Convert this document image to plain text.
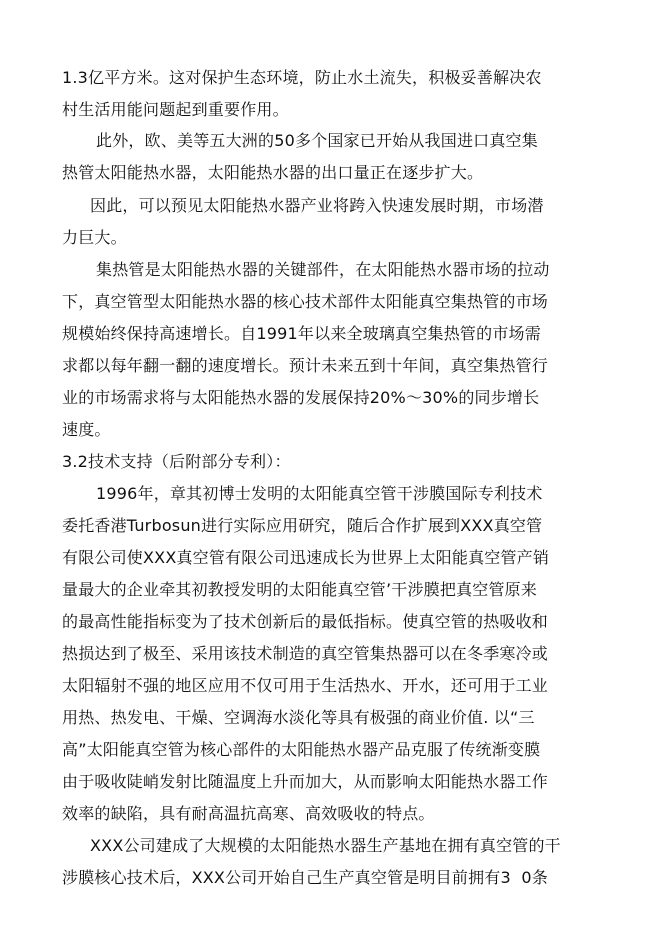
1.3亿平方米。这对保护生态环境，防止水土流失，积极妥善解决农
村生活用能问题起到重要作用。
此外，欧、美等五大洲的50多个国家已开始从我国进口真空集
热管太阳能热水器，太阳能热水器的出口量正在逐步扩大。
因此，可以预见太阳能热水器产业将跨入快速发展时期，市场潜
力巨大。
集热管是太阳能热水器的关键部件，在太阳能热水器市场的拉动
下，真空管型太阳能热水器的核心技术部件太阳能真空集热管的市场
规模始终保持高速增长。自1991年以来全玻璃真空集热管的市场需
求都以每年翻一翻的速度增长。预计未来五到十年间，真空集热管行
业的市场需求将与太阳能热水器的发展保持20%～30%的同步增长
速度。
3.2技术支持（后附部分专利）：
1996年，章其初博士发明的太阳能真空管干涉膜国际专利技术
委托香港Turbosun进行实际应用研究，随后合作扩展到XXX真空管
有限公司使XXX真空管有限公司迅速成长为世界上太阳能真空管产销
量最大的企业牵其初教授发明的太阳能真空管’干涉膜把真空管原来
的最高性能指标变为了技术创新后的最低指标。使真空管的热吸收和
热损达到了极至、采用该技术制造的真空管集热器可以在冬季寒冷或
太阳辐射不强的地区应用不仅可用于生活热水、开水，还可用于工业
用热、热发电、干燥、空调海水淡化等具有极强的商业价值. 以“三
高”太阳能真空管为核心部件的太阳能热水器产品克服了传统渐变膜
由于吸收陡峭发射比随温度上升而加大，从而影响太阳能热水器工作
效率的缺陷，具有耐高温抗高寒、高效吸收的特点。
XXX公司建成了大规模的太阳能热水器生产基地在拥有真空管的干
涉膜核心技术后，XXX公司开始自己生产真空管是明目前拥有3  0条
